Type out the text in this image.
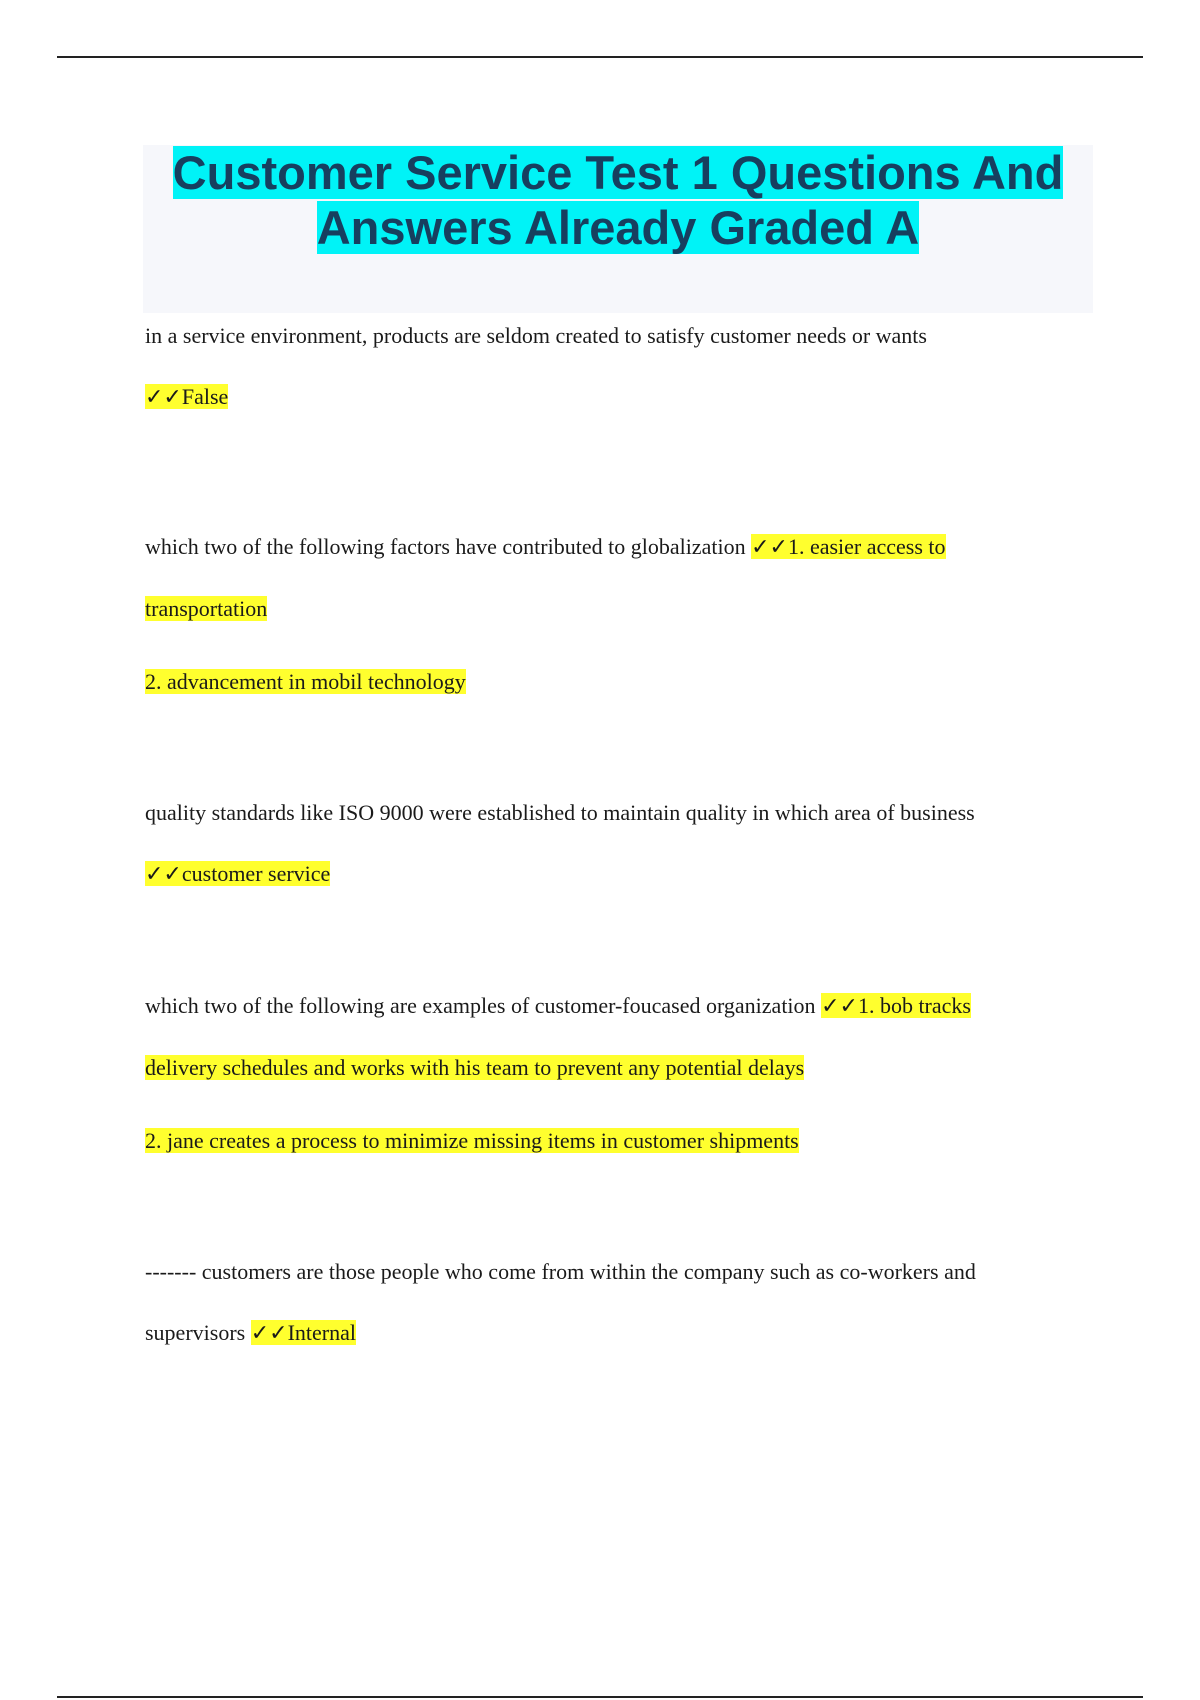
Customer Service Test 1 Questions And
Answers Already Graded A

in a service environment, products are seldom created to satisfy customer needs or wants

✓✓False

which two of the following factors have contributed to globalization ✓✓1. easier access to

transportation

2. advancement in mobil technology

quality standards like ISO 9000 were established to maintain quality in which area of business

✓✓customer service

which two of the following are examples of customer-foucased organization ✓✓1. bob tracks

delivery schedules and works with his team to prevent any potential delays

2. jane creates a process to minimize missing items in customer shipments

------- customers are those people who come from within the company such as co-workers and

supervisors ✓✓Internal
